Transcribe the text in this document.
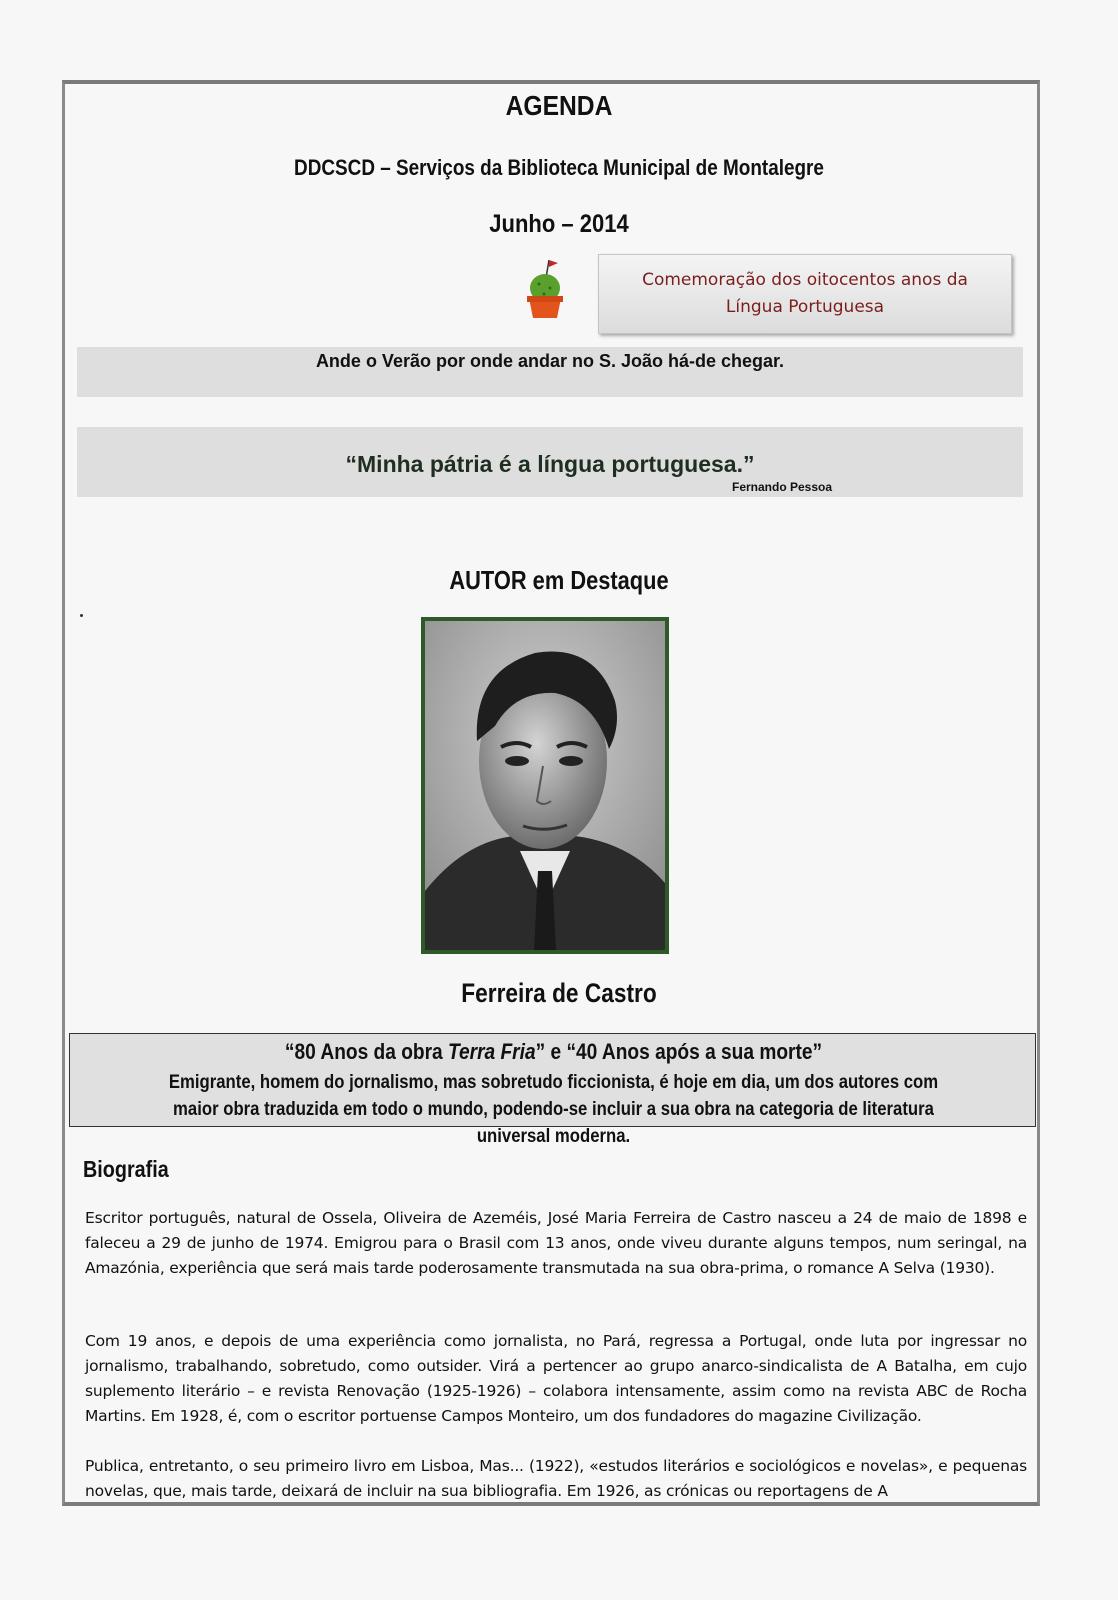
AGENDA
DDCSCD – Serviços da Biblioteca Municipal de Montalegre
Junho – 2014
Comemoração dos oitocentos anos da
Língua Portuguesa
Ande o Verão por onde andar no S. João há-de chegar.
“Minha pátria é a língua portuguesa.”
Fernando Pessoa
AUTOR em Destaque
Ferreira de Castro
“80 Anos da obra Terra Fria” e “40 Anos após a sua morte”
Emigrante, homem do jornalismo, mas sobretudo ficcionista, é hoje em dia, um dos autores com maior obra traduzida em todo o mundo, podendo-se incluir a sua obra na categoria de literatura universal moderna.
Biografia
Escritor português, natural de Ossela, Oliveira de Azeméis, José Maria Ferreira de Castro nasceu a 24 de maio de 1898 e faleceu a 29 de junho de 1974. Emigrou para o Brasil com 13 anos, onde viveu durante alguns tempos, num seringal, na Amazónia, experiência que será mais tarde poderosamente transmutada na sua obra-prima, o romance A Selva (1930).
Com 19 anos, e depois de uma experiência como jornalista, no Pará, regressa a Portugal, onde luta por ingressar no jornalismo, trabalhando, sobretudo, como outsider. Virá a pertencer ao grupo anarco-sindicalista de A Batalha, em cujo suplemento literário – e revista Renovação (1925-1926) – colabora intensamente, assim como na revista ABC de Rocha Martins. Em 1928, é, com o escritor portuense Campos Monteiro, um dos fundadores do magazine Civilização.
Publica, entretanto, o seu primeiro livro em Lisboa, Mas... (1922), «estudos literários e sociológicos e novelas», e pequenas novelas, que, mais tarde, deixará de incluir na sua bibliografia. Em 1926, as crónicas ou reportagens de A
